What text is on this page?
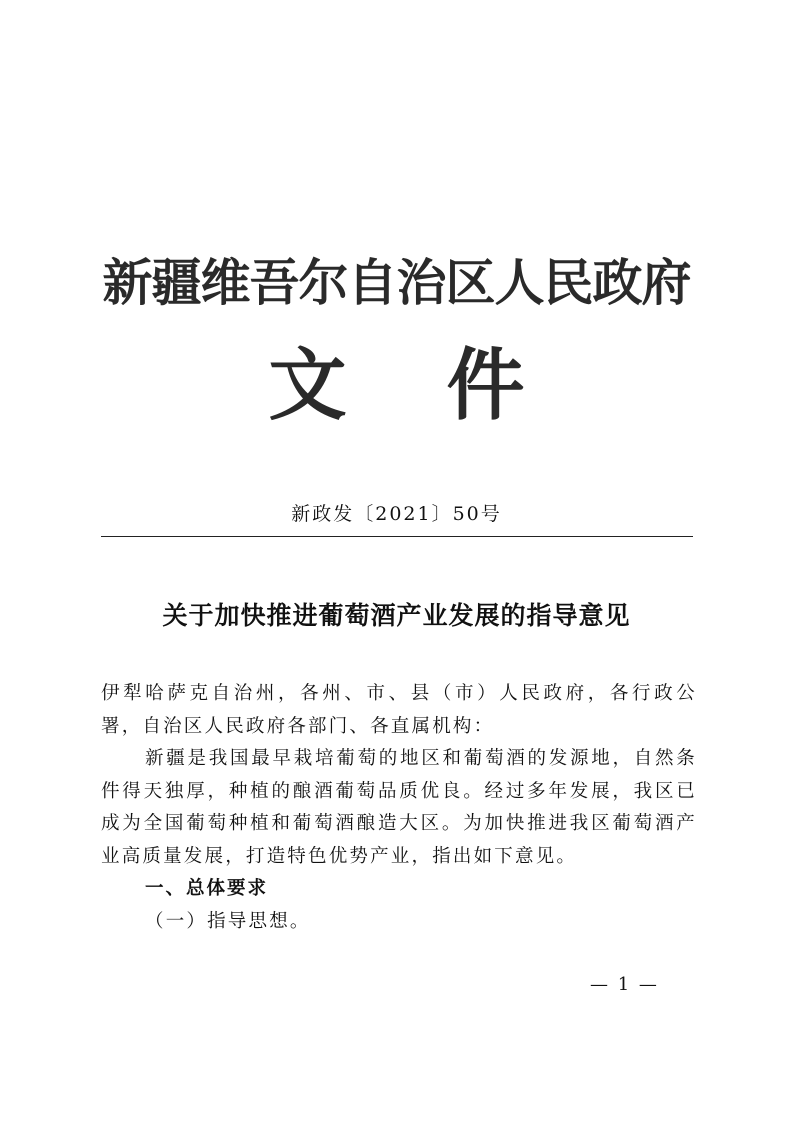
新疆维吾尔自治区人民政府
文件
新政发〔2021〕50号
关于加快推进葡萄酒产业发展的指导意见

伊犁哈萨克自治州，各州、市、县（市）人民政府，各行政公署，自治区人民政府各部门、各直属机构：

新疆是我国最早栽培葡萄的地区和葡萄酒的发源地，自然条件得天独厚，种植的酿酒葡萄品质优良。经过多年发展，我区已成为全国葡萄种植和葡萄酒酿造大区。为加快推进我区葡萄酒产业高质量发展，打造特色优势产业，指出如下意见。

一、总体要求

（一）指导思想。

— 1 —
